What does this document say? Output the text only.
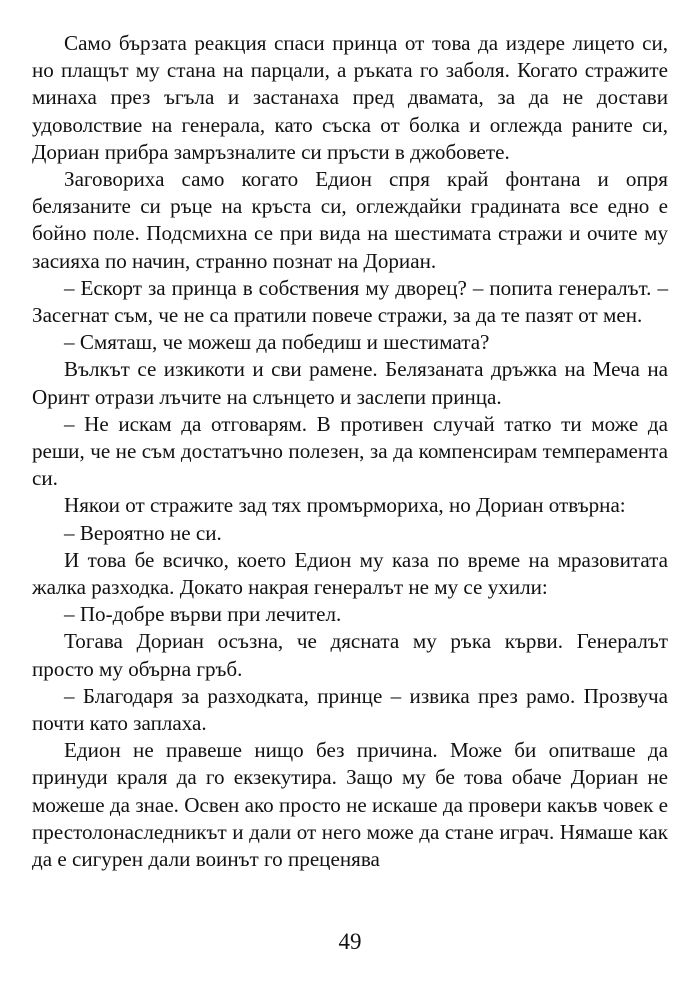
Само бързата реакция спаси принца от това да издере лицето си, но плащът му стана на парцали, а ръката го заболя. Когато стражите минаха през ъгъла и застанаха пред двамата, за да не достави удоволствие на генерала, като съска от болка и оглежда раните си, Дориан прибра замръзналите си пръсти в джобовете.

Заговориха само когато Едион спря край фонтана и опря белязаните си ръце на кръста си, оглеждайки градината все едно е бойно поле. Подсмихна се при вида на шестимата стражи и очите му засияха по начин, странно познат на Дориан.

– Ескорт за принца в собствения му дворец? – попита генералът. – Засегнат съм, че не са пратили повече стражи, за да те пазят от мен.

– Смяташ, че можеш да победиш и шестимата?

Вълкът се изкикоти и сви рамене. Белязаната дръжка на Меча на Оринт отрази лъчите на слънцето и заслепи принца.

– Не искам да отговарям. В противен случай татко ти може да реши, че не съм достатъчно полезен, за да компенсирам темперамента си.

Някои от стражите зад тях промърмориха, но Дориан отвърна:

– Вероятно не си.

И това бе всичко, което Едион му каза по време на мразовитата жалка разходка. Докато накрая генералът не му се ухили:

– По-добре върви при лечител.

Тогава Дориан осъзна, че дясната му ръка кърви. Генералът просто му обърна гръб.

– Благодаря за разходката, принце – извика през рамо. Прозвуча почти като заплаха.

Едион не правеше нищо без причина. Може би опитваше да принуди краля да го екзекутира. Защо му бе това обаче Дориан не можеше да знае. Освен ако просто не искаше да провери какъв човек е престолонаследникът и дали от него може да стане играч. Нямаше как да е сигурен дали воинът го преценява

49
